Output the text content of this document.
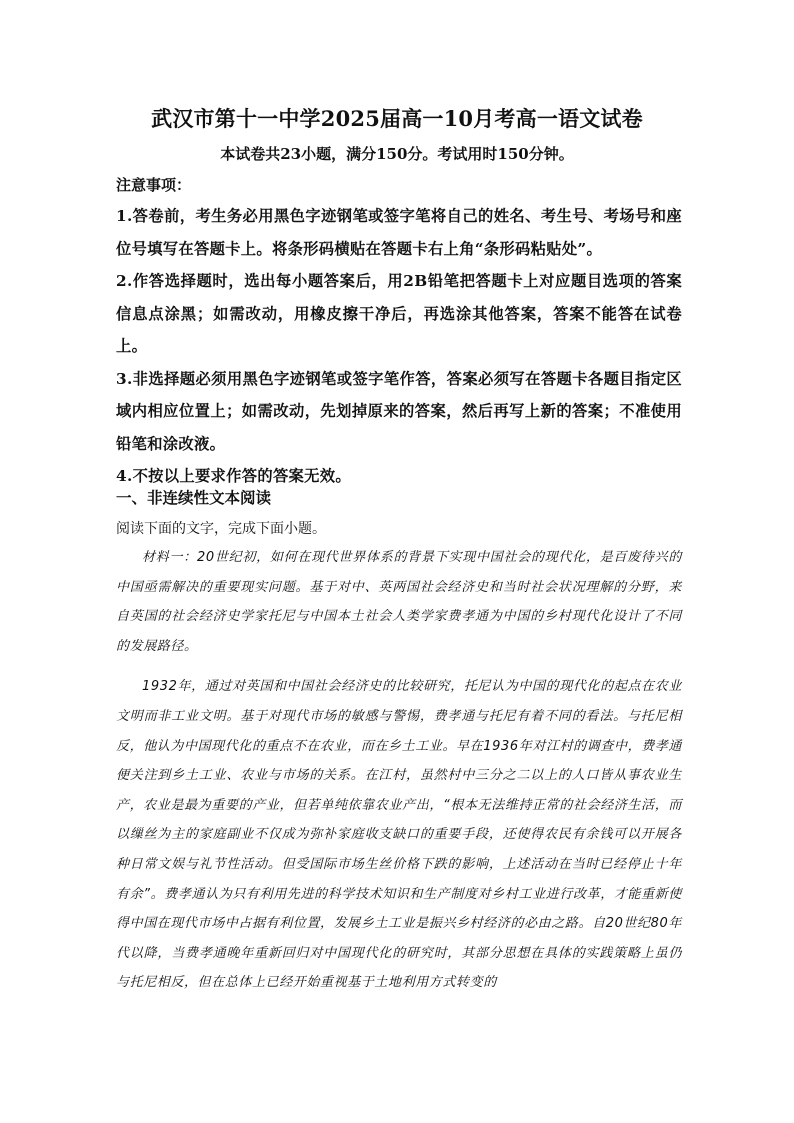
武汉市第十一中学2025届高一10月考高一语文试卷
本试卷共23小题，满分150分。考试用时150分钟。
注意事项：

1.答卷前，考生务必用黑色字迹钢笔或签字笔将自己的姓名、考生号、考场号和座位号填写在答题卡上。将条形码横贴在答题卡右上角“条形码粘贴处”。

2.作答选择题时，选出每小题答案后，用2B铅笔把答题卡上对应题目选项的答案信息点涂黑；如需改动，用橡皮擦干净后，再选涂其他答案，答案不能答在试卷上。

3.非选择题必须用黑色字迹钢笔或签字笔作答，答案必须写在答题卡各题目指定区域内相应位置上；如需改动，先划掉原来的答案，然后再写上新的答案；不准使用铅笔和涂改液。

4.不按以上要求作答的答案无效。

一、非连续性文本阅读
阅读下面的文字，完成下面小题。

材料一：20世纪初，如何在现代世界体系的背景下实现中国社会的现代化，是百废待兴的中国亟需解决的重要现实问题。基于对中、英两国社会经济史和当时社会状况理解的分野，来自英国的社会经济史学家托尼与中国本土社会人类学家费孝通为中国的乡村现代化设计了不同的发展路径。

1932年，通过对英国和中国社会经济史的比较研究，托尼认为中国的现代化的起点在农业文明而非工业文明。基于对现代市场的敏感与警惕，费孝通与托尼有着不同的看法。与托尼相反，他认为中国现代化的重点不在农业，而在乡土工业。早在1936年对江村的调查中，费孝通便关注到乡土工业、农业与市场的关系。在江村，虽然村中三分之二以上的人口皆从事农业生产，农业是最为重要的产业，但若单纯依靠农业产出，“根本无法维持正常的社会经济生活，而以缫丝为主的家庭副业不仅成为弥补家庭收支缺口的重要手段，还使得农民有余钱可以开展各种日常文娱与礼节性活动。但受国际市场生丝价格下跌的影响，上述活动在当时已经停止十年有余”。费孝通认为只有利用先进的科学技术知识和生产制度对乡村工业进行改革，才能重新使得中国在现代市场中占据有利位置，发展乡土工业是振兴乡村经济的必由之路。自20世纪80年代以降，当费孝通晚年重新回归对中国现代化的研究时，其部分思想在具体的实践策略上虽仍与托尼相反，但在总体上已经开始重视基于土地利用方式转变的
